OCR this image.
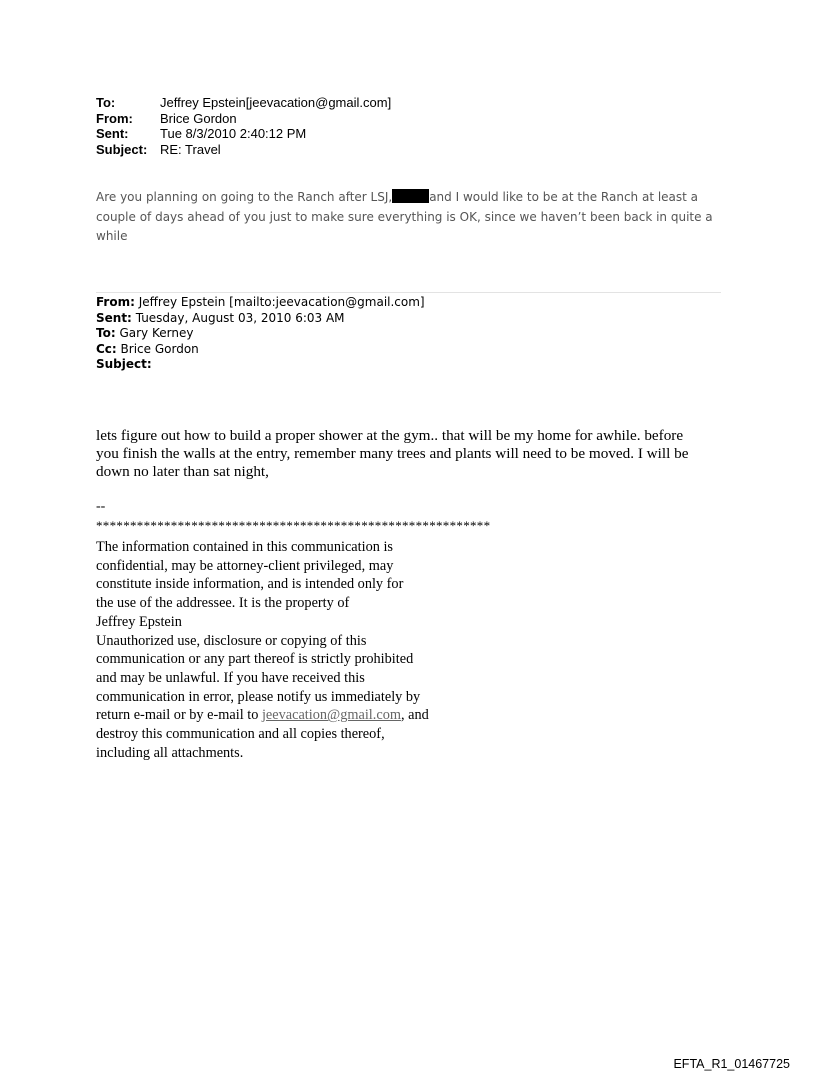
To:	Jeffrey Epstein[jeevacation@gmail.com]
From:	Brice Gordon
Sent:	Tue 8/3/2010 2:40:12 PM
Subject: RE: Travel
Are you planning on going to the Ranch after LSJ,	and I would like to be at the Ranch at least a
couple of days ahead of you just to make sure everything is OK, since we haven’t been back in quite a
while
From: Jeffrey Epstein [mailto:jeevacation@gmail.com]
Sent: Tuesday, August 03, 2010 6:03 AM
To: Gary Kerney
Cc: Brice Gordon
Subject:
lets figure out how to build a proper shower at the gym.. that will be my home for awhile. before
you finish the walls at the entry, remember many trees and plants will need to be moved. I will be
down no later than sat night,
--
**********************************************************
The information contained in this communication is
confidential, may be attorney-client privileged, may
constitute inside information, and is intended only for
the use of the addressee. It is the property of
Jeffrey Epstein
Unauthorized use, disclosure or copying of this
communication or any part thereof is strictly prohibited
and may be unlawful. If you have received this
communication in error, please notify us immediately by
return e-mail or by e-mail to jeevacation@gmail.com, and
destroy this communication and all copies thereof,
including all attachments.
EFTA_R1_01467725
